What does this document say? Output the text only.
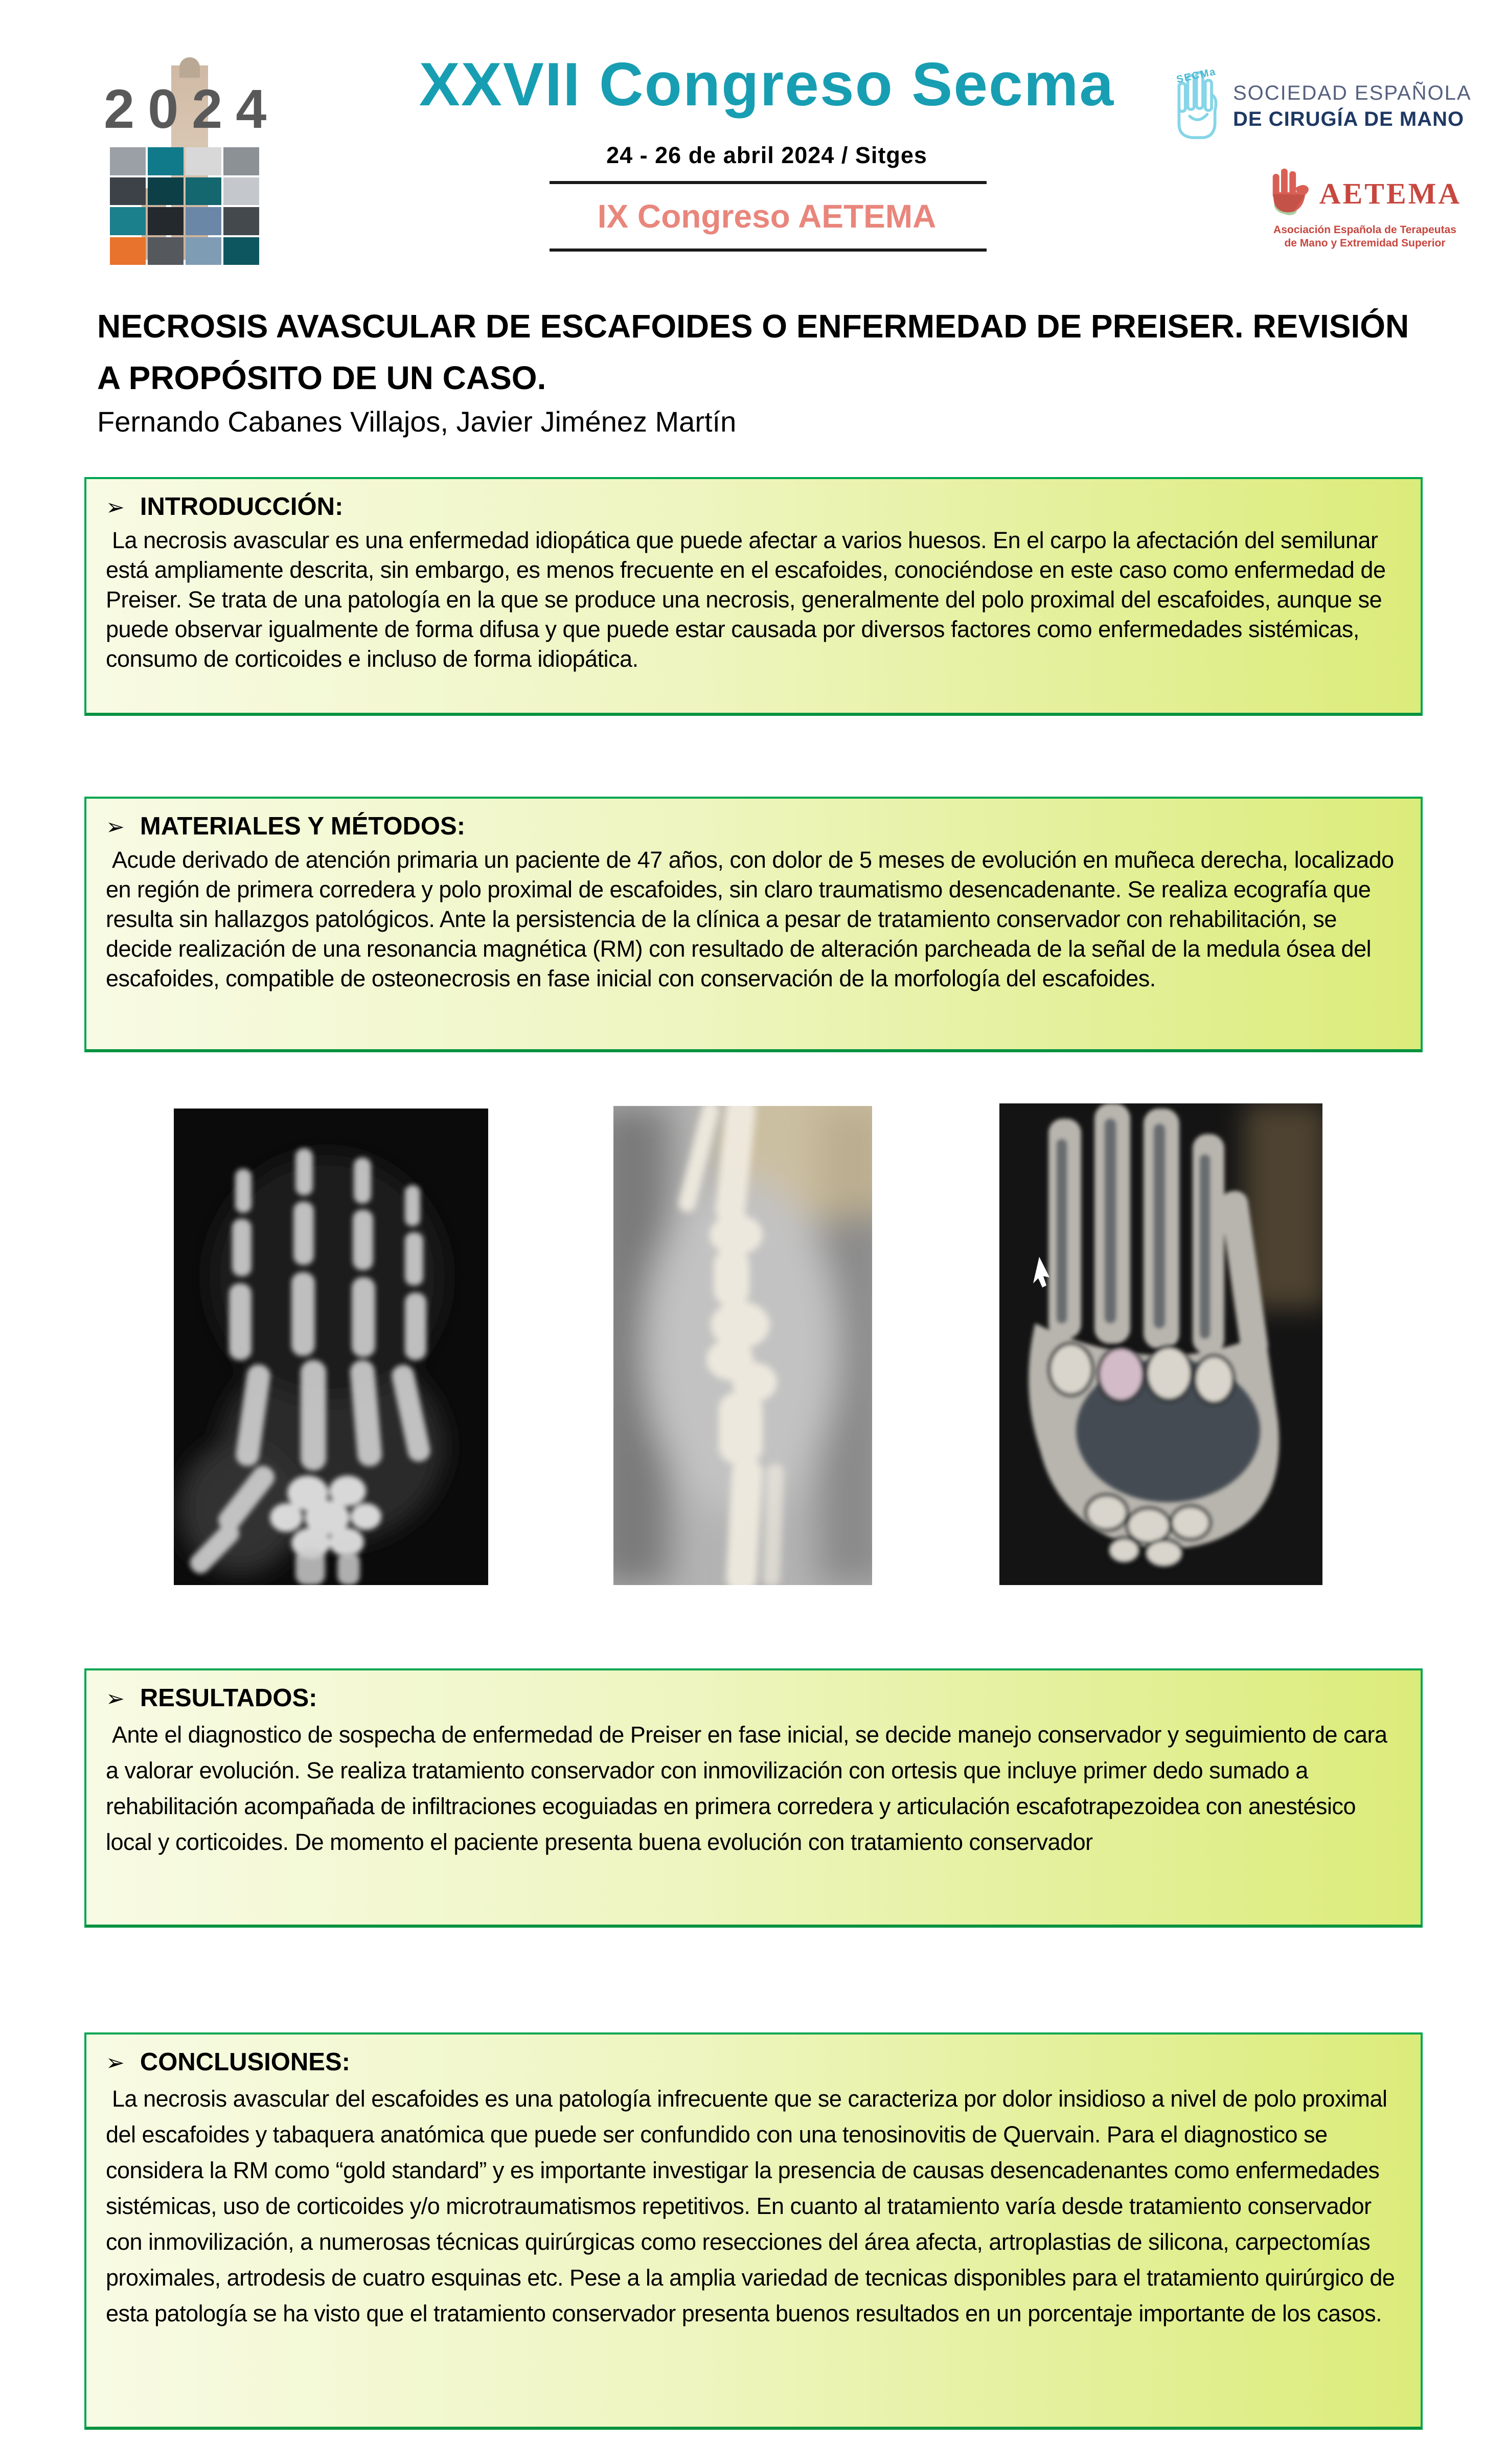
2024	XXVII Congreso Secma
24 - 26 de abril 2024 / Sitges
IX Congreso AETEMA
SECMa
SOCIEDAD ESPAÑOLA
DE CIRUGÍA DE MANO
AETEMA
Asociación Española de Terapeutas
de Mano y Extremidad Superior
NECROSIS AVASCULAR DE ESCAFOIDES O ENFERMEDAD DE PREISER. REVISIÓN
A PROPÓSITO DE UN CASO.
Fernando Cabanes Villajos, Javier Jiménez Martín
➢ INTRODUCCIÓN:
La necrosis avascular es una enfermedad idiopática que puede afectar a varios huesos. En el carpo la afectación del semilunar está ampliamente descrita, sin embargo, es menos frecuente en el escafoides, conociéndose en este caso como enfermedad de Preiser. Se trata de una patología en la que se produce una necrosis, generalmente del polo proximal del escafoides, aunque se puede observar igualmente de forma difusa y que puede estar causada por diversos factores como enfermedades sistémicas, consumo de corticoides e incluso de forma idiopática.
➢ MATERIALES Y MÉTODOS:
Acude derivado de atención primaria un paciente de 47 años, con dolor de 5 meses de evolución en muñeca derecha, localizado en región de primera corredera y polo proximal de escafoides, sin claro traumatismo desencadenante. Se realiza ecografía que resulta sin hallazgos patológicos. Ante la persistencia de la clínica a pesar de tratamiento conservador con rehabilitación, se decide realización de una resonancia magnética (RM) con resultado de alteración parcheada de la señal de la medula ósea del escafoides, compatible de osteonecrosis en fase inicial con conservación de la morfología del escafoides.
➢ RESULTADOS:
Ante el diagnostico de sospecha de enfermedad de Preiser en fase inicial, se decide manejo conservador y seguimiento de cara a valorar evolución. Se realiza tratamiento conservador con inmovilización con ortesis que incluye primer dedo sumado a rehabilitación acompañada de infiltraciones ecoguiadas en primera corredera y articulación escafotrapezoidea con anestésico local y corticoides. De momento el paciente presenta buena evolución con tratamiento conservador
➢ CONCLUSIONES:
La necrosis avascular del escafoides es una patología infrecuente que se caracteriza por dolor insidioso a nivel de polo proximal del escafoides y tabaquera anatómica que puede ser confundido con una tenosinovitis de Quervain. Para el diagnostico se considera la RM como “gold standard” y es importante investigar la presencia de causas desencadenantes como enfermedades sistémicas, uso de corticoides y/o microtraumatismos repetitivos. En cuanto al tratamiento varía desde tratamiento conservador con inmovilización, a numerosas técnicas quirúrgicas como resecciones del área afecta, artroplastias de silicona, carpectomías proximales, artrodesis de cuatro esquinas etc. Pese a la amplia variedad de tecnicas disponibles para el tratamiento quirúrgico de esta patología se ha visto que el tratamiento conservador presenta buenos resultados en un porcentaje importante de los casos.
